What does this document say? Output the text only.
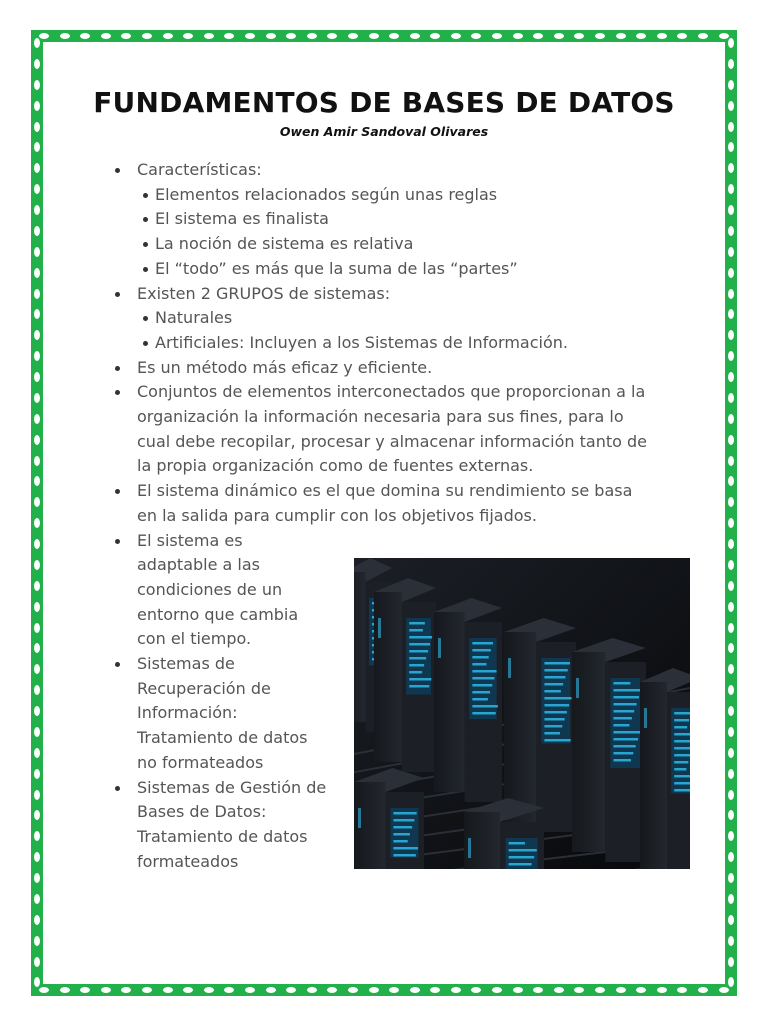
FUNDAMENTOS DE BASES DE DATOS

Owen Amir Sandoval Olivares

Características:
Elementos relacionados según unas reglas
El sistema es finalista
La noción de sistema es relativa
El “todo” es más que la suma de las “partes”
Existen 2 GRUPOS de sistemas:
Naturales
Artificiales: Incluyen a los Sistemas de Información.
Es un método más eficaz y eficiente.
Conjuntos de elementos interconectados que proporcionan a la organización la información necesaria para sus fines, para lo cual debe recopilar, procesar y almacenar información tanto de la propia organización como de fuentes externas.
El sistema dinámico es el que domina su rendimiento se basa en la salida para cumplir con los objetivos fijados.
El sistema es adaptable a las condiciones de un entorno que cambia con el tiempo.
Sistemas de Recuperación de Información: Tratamiento de datos no formateados
Sistemas de Gestión de Bases de Datos: Tratamiento de datos formateados
